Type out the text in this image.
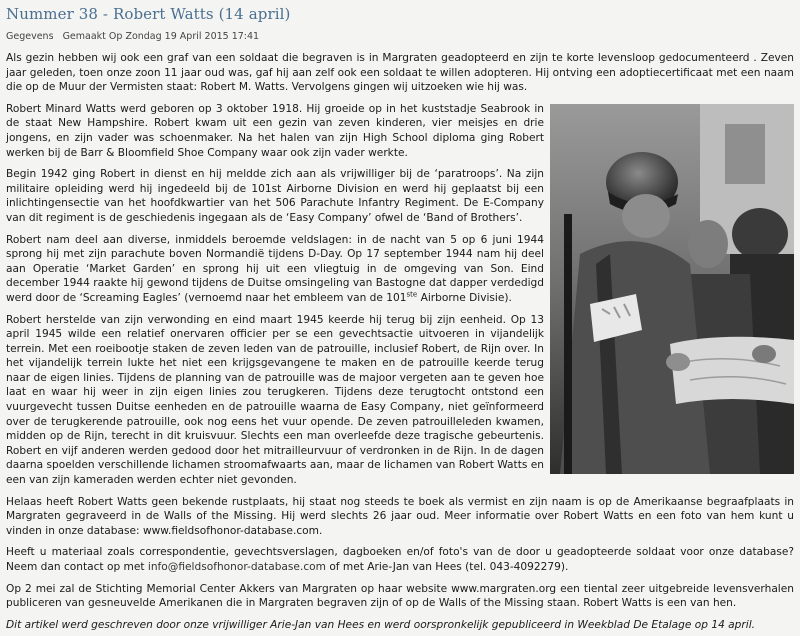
Nummer 38 - Robert Watts (14 april)
Gegevens Gemaakt Op Zondag 19 April 2015 17:41

Als gezin hebben wij ook een graf van een soldaat die begraven is in Margraten geadopteerd en zijn te korte levensloop gedocumenteerd . Zeven jaar geleden, toen onze zoon 11 jaar oud was, gaf hij aan zelf ook een soldaat te willen adopteren. Hij ontving een adoptiecertificaat met een naam die op de Muur der Vermisten staat: Robert M. Watts. Vervolgens gingen wij uitzoeken wie hij was.

Robert Minard Watts werd geboren op 3 oktober 1918. Hij groeide op in het kuststadje Seabrook in de staat New Hampshire. Robert kwam uit een gezin van zeven kinderen, vier meisjes en drie jongens, en zijn vader was schoenmaker. Na het halen van zijn High School diploma ging Robert werken bij de Barr & Bloomfield Shoe Company waar ook zijn vader werkte.

Begin 1942 ging Robert in dienst en hij meldde zich aan als vrijwilliger bij de ‘paratroops’. Na zijn militaire opleiding werd hij ingedeeld bij de 101st Airborne Division en werd hij geplaatst bij een inlichtingensectie van het hoofdkwartier van het 506 Parachute Infantry Regiment. De E-Company van dit regiment is de geschiedenis ingegaan als de ‘Easy Company’ ofwel de ‘Band of Brothers’.

Robert nam deel aan diverse, inmiddels beroemde veldslagen: in de nacht van 5 op 6 juni 1944 sprong hij met zijn parachute boven Normandië tijdens D-Day. Op 17 september 1944 nam hij deel aan Operatie ‘Market Garden’ en sprong hij uit een vliegtuig in de omgeving van Son. Eind december 1944 raakte hij gewond tijdens de Duitse omsingeling van Bastogne dat dapper verdedigd werd door de ‘Screaming Eagles’ (vernoemd naar het embleem van de 101ste Airborne Divisie).

Robert herstelde van zijn verwonding en eind maart 1945 keerde hij terug bij zijn eenheid. Op 13 april 1945 wilde een relatief onervaren officier per se een gevechtsactie uitvoeren in vijandelijk terrein. Met een roeibootje staken de zeven leden van de patrouille, inclusief Robert, de Rijn over. In het vijandelijk terrein lukte het niet een krijgsgevangene te maken en de patrouille keerde terug naar de eigen linies. Tijdens de planning van de patrouille was de majoor vergeten aan te geven hoe laat en waar hij weer in zijn eigen linies zou terugkeren. Tijdens deze terugtocht ontstond een vuurgevecht tussen Duitse eenheden en de patrouille waarna de Easy Company, niet geïnformeerd over de terugkerende patrouille, ook nog eens het vuur opende. De zeven patrouilleleden kwamen, midden op de Rijn, terecht in dit kruisvuur. Slechts een man overleefde deze tragische gebeurtenis. Robert en vijf anderen werden gedood door het mitrailleurvuur of verdronken in de Rijn. In de dagen daarna spoelden verschillende lichamen stroomafwaarts aan, maar de lichamen van Robert Watts en een van zijn kameraden werden echter niet gevonden.

Helaas heeft Robert Watts geen bekende rustplaats, hij staat nog steeds te boek als vermist en zijn naam is op de Amerikaanse begraafplaats in Margraten gegraveerd in de Walls of the Missing. Hij werd slechts 26 jaar oud. Meer informatie over Robert Watts en een foto van hem kunt u vinden in onze database: www.fieldsofhonor-database.com.

Heeft u materiaal zoals correspondentie, gevechtsverslagen, dagboeken en/of foto's van de door u geadopteerde soldaat voor onze database? Neem dan contact op met info@fieldsofhonor-database.com of met Arie-Jan van Hees (tel. 043-4092279).

Op 2 mei zal de Stichting Memorial Center Akkers van Margraten op haar website www.margraten.org een tiental zeer uitgebreide levensverhalen publiceren van gesneuvelde Amerikanen die in Margraten begraven zijn of op de Walls of the Missing staan. Robert Watts is een van hen.

Dit artikel werd geschreven door onze vrijwilliger Arie-Jan van Hees en werd oorspronkelijk gepubliceerd in Weekblad De Etalage op 14 april.
